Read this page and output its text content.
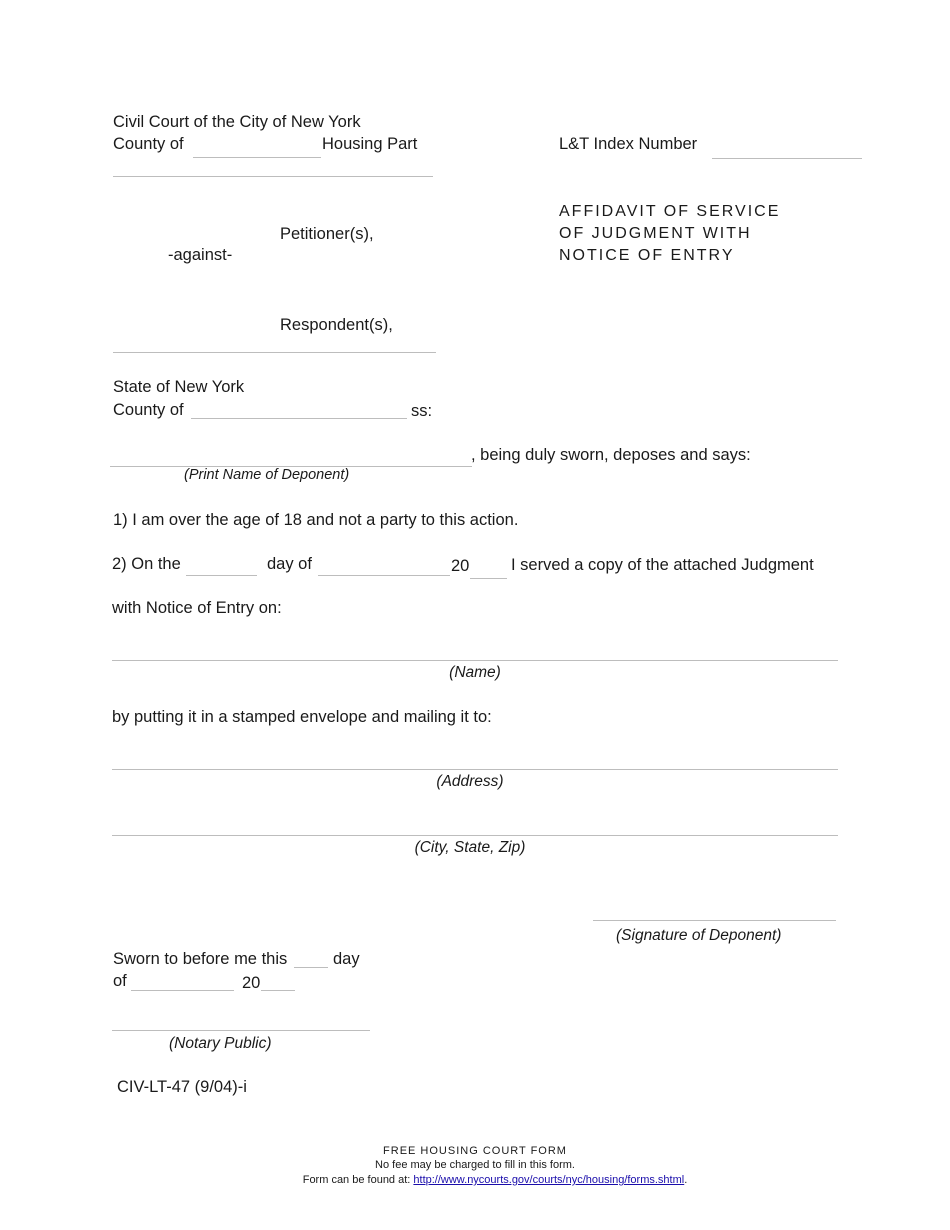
Civil Court of the City of New York
County of	Housing Part	L&T Index Number
Petitioner(s),
-against-
Respondent(s),
AFFIDAVIT OF SERVICE
OF JUDGMENT WITH
NOTICE OF ENTRY
State of New York
County of	ss:
, being duly sworn, deposes and says:
(Print Name of Deponent)
1) I am over the age of 18 and not a party to this action.
2) On the	day of	20	I served a copy of the attached Judgment
with Notice of Entry on:
(Name)
by putting it in a stamped envelope and mailing it to:
(Address)
(City, State, Zip)
(Signature of Deponent)
Sworn to before me this	day
of	20
(Notary Public)
CIV-LT-47 (9/04)-i
FREE HOUSING COURT FORM
No fee may be charged to fill in this form.
Form can be found at: http://www.nycourts.gov/courts/nyc/housing/forms.shtml.
